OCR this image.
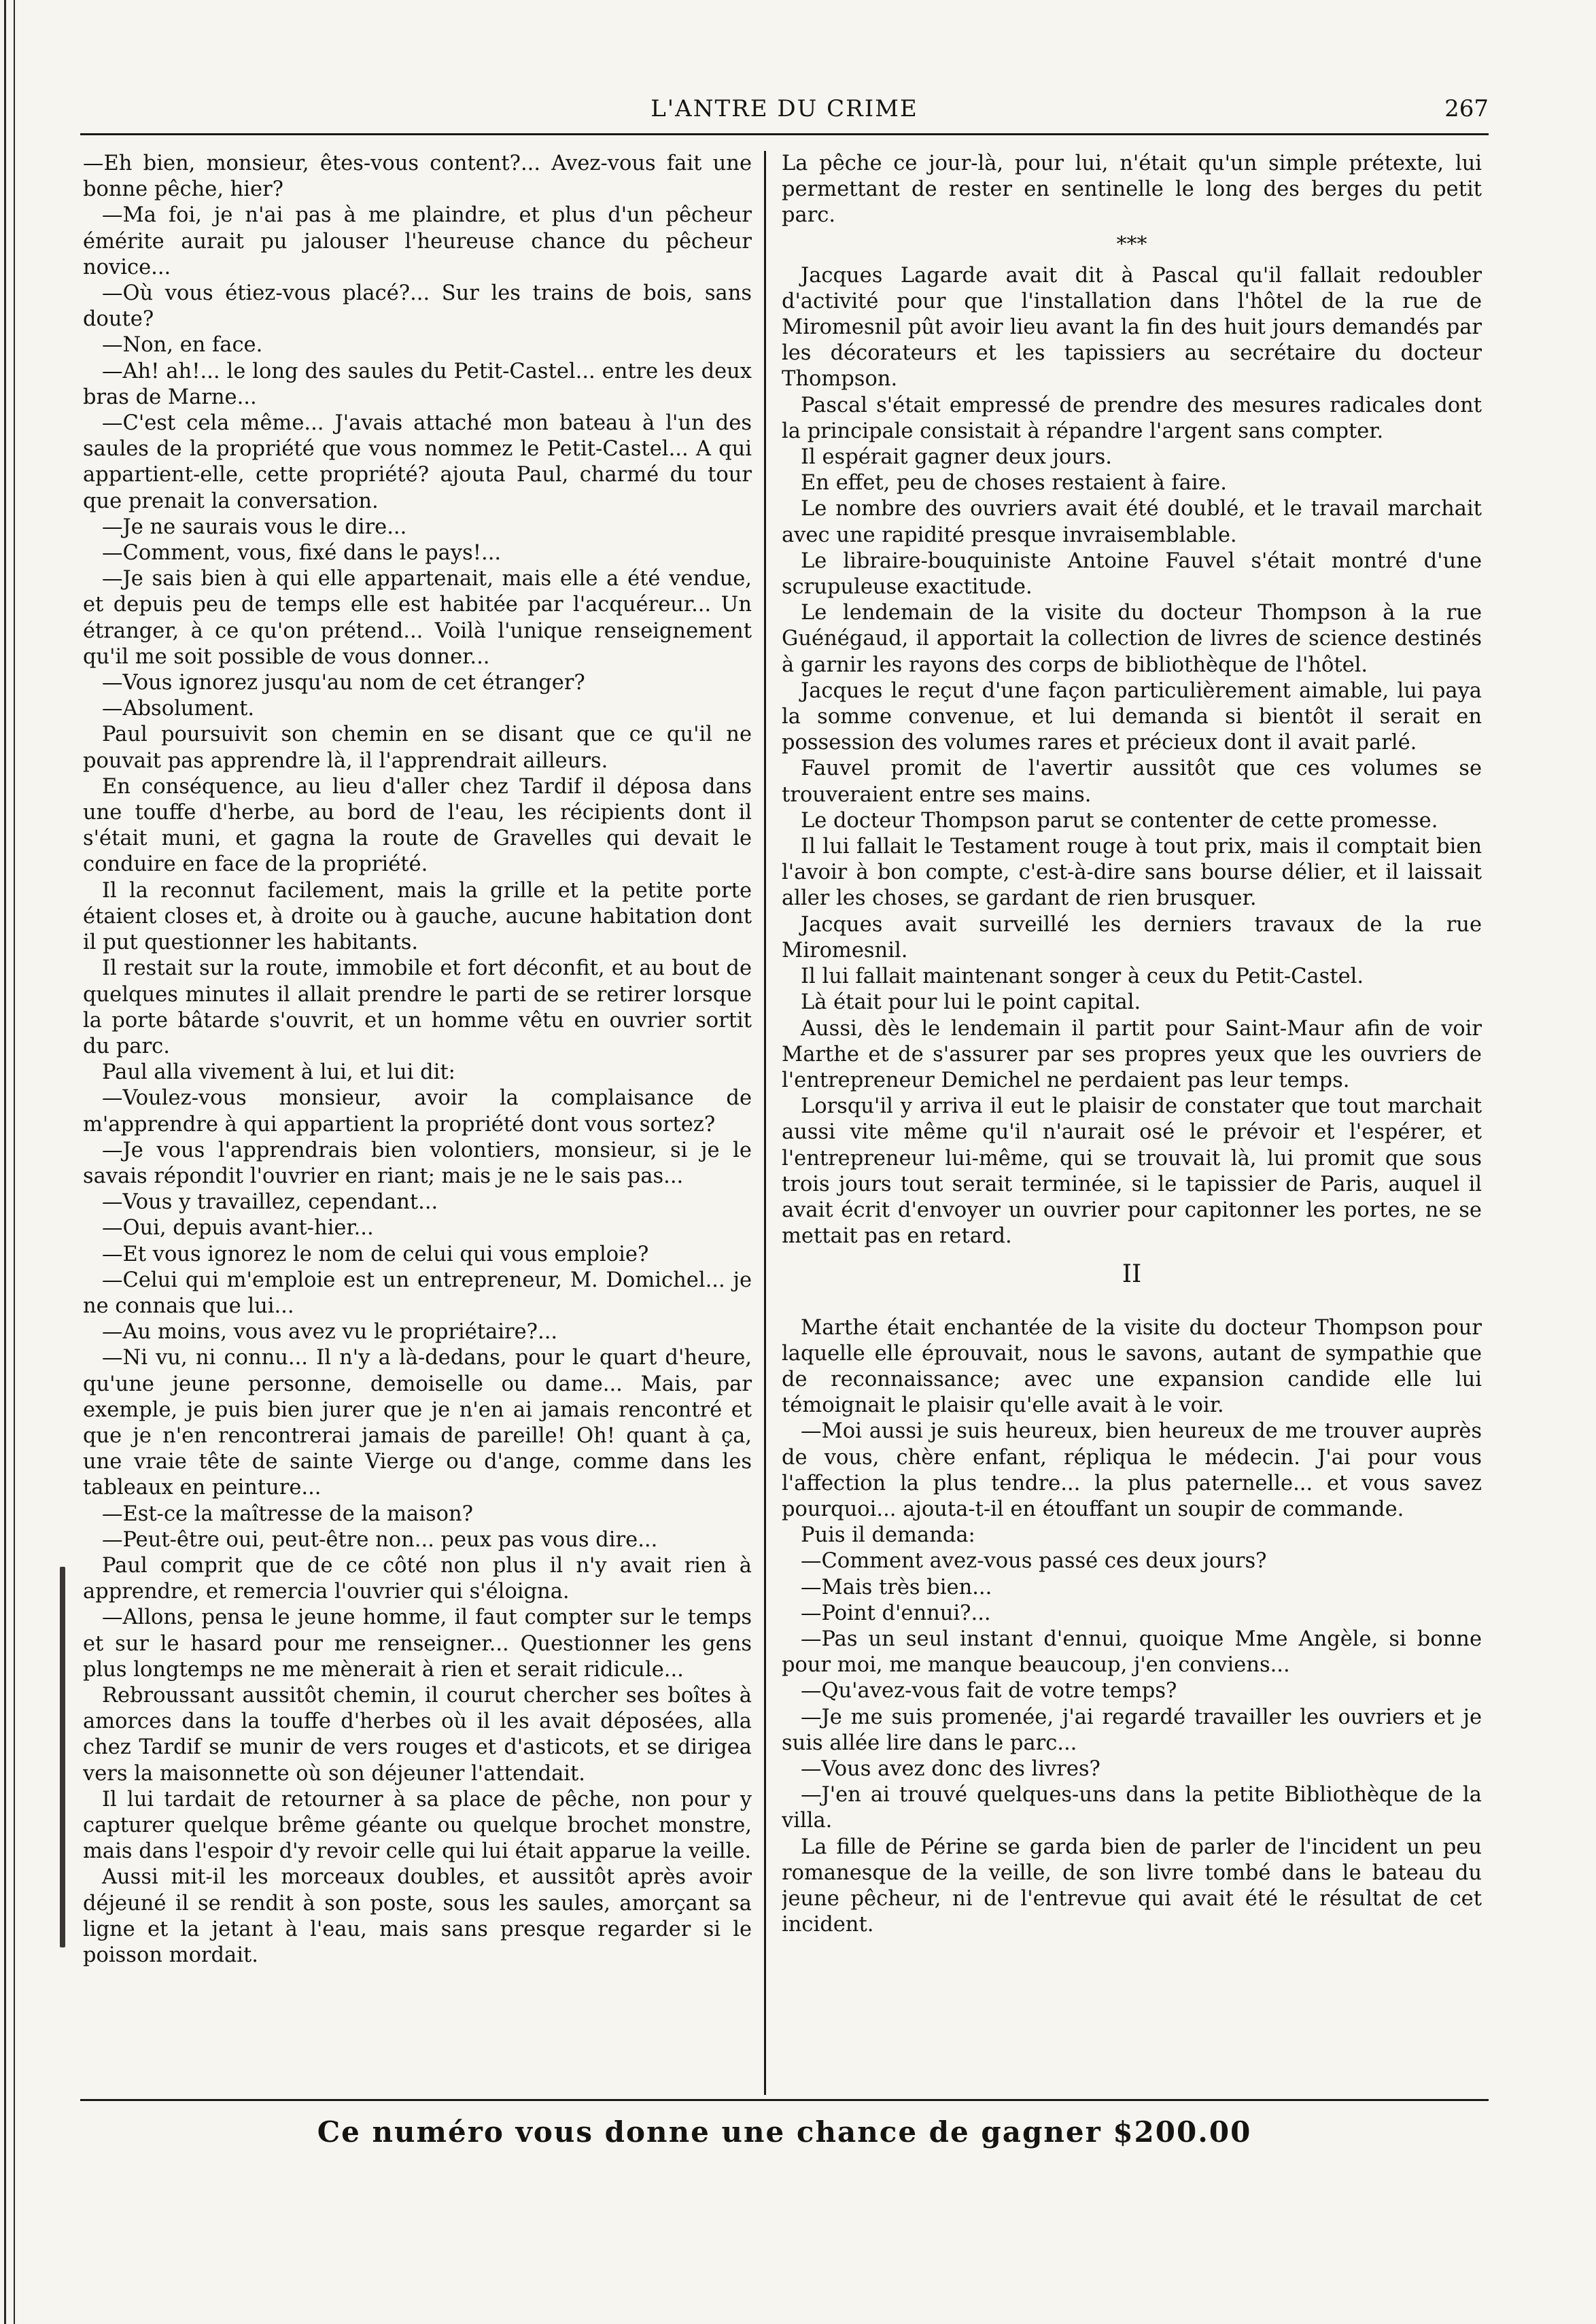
L'ANTRE DU CRIME	267

—Eh bien, monsieur, êtes-vous content?... Avez-vous fait une bonne pêche, hier?

—Ma foi, je n'ai pas à me plaindre, et plus d'un pêcheur émérite aurait pu jalouser l'heureuse chance du pêcheur novice...

—Où vous étiez-vous placé?... Sur les trains de bois, sans doute?

—Non, en face.

—Ah! ah!... le long des saules du Petit-Castel... entre les deux bras de Marne...

—C'est cela même... J'avais attaché mon bateau à l'un des saules de la propriété que vous nommez le Petit-Castel... A qui appartient-elle, cette propriété? ajouta Paul, charmé du tour que prenait la conversation.

—Je ne saurais vous le dire...

—Comment, vous, fixé dans le pays!...

—Je sais bien à qui elle appartenait, mais elle a été vendue, et depuis peu de temps elle est habitée par l'acquéreur... Un étranger, à ce qu'on prétend... Voilà l'unique renseignement qu'il me soit possible de vous donner...

—Vous ignorez jusqu'au nom de cet étranger?

—Absolument.

Paul poursuivit son chemin en se disant que ce qu'il ne pouvait pas apprendre là, il l'apprendrait ailleurs.

En conséquence, au lieu d'aller chez Tardif il déposa dans une touffe d'herbe, au bord de l'eau, les récipients dont il s'était muni, et gagna la route de Gravelles qui devait le conduire en face de la propriété.

Il la reconnut facilement, mais la grille et la petite porte étaient closes et, à droite ou à gauche, aucune habitation dont il put questionner les habitants.

Il restait sur la route, immobile et fort déconfit, et au bout de quelques minutes il allait prendre le parti de se retirer lorsque la porte bâtarde s'ouvrit, et un homme vêtu en ouvrier sortit du parc.

Paul alla vivement à lui, et lui dit:

—Voulez-vous monsieur, avoir la complaisance de m'apprendre à qui appartient la propriété dont vous sortez?

—Je vous l'apprendrais bien volontiers, monsieur, si je le savais répondit l'ouvrier en riant; mais je ne le sais pas...

—Vous y travaillez, cependant...

—Oui, depuis avant-hier...

—Et vous ignorez le nom de celui qui vous emploie?

—Celui qui m'emploie est un entrepreneur, M. Domichel... je ne connais que lui...

—Au moins, vous avez vu le propriétaire?...

—Ni vu, ni connu... Il n'y a là-dedans, pour le quart d'heure, qu'une jeune personne, demoiselle ou dame... Mais, par exemple, je puis bien jurer que je n'en ai jamais rencontré et que je n'en rencontrerai jamais de pareille! Oh! quant à ça, une vraie tête de sainte Vierge ou d'ange, comme dans les tableaux en peinture...

—Est-ce la maîtresse de la maison?

—Peut-être oui, peut-être non... peux pas vous dire...

Paul comprit que de ce côté non plus il n'y avait rien à apprendre, et remercia l'ouvrier qui s'éloigna.

—Allons, pensa le jeune homme, il faut compter sur le temps et sur le hasard pour me renseigner... Questionner les gens plus longtemps ne me mènerait à rien et serait ridicule...

Rebroussant aussitôt chemin, il courut chercher ses boîtes à amorces dans la touffe d'herbes où il les avait déposées, alla chez Tardif se munir de vers rouges et d'asticots, et se dirigea vers la maisonnette où son déjeuner l'attendait.

Il lui tardait de retourner à sa place de pêche, non pour y capturer quelque brême géante ou quelque brochet monstre, mais dans l'espoir d'y revoir celle qui lui était apparue la veille.

Aussi mit-il les morceaux doubles, et aussitôt après avoir déjeuné il se rendit à son poste, sous les saules, amorçant sa ligne et la jetant à l'eau, mais sans presque regarder si le poisson mordait.

La pêche ce jour-là, pour lui, n'était qu'un simple prétexte, lui permettant de rester en sentinelle le long des berges du petit parc.

***

Jacques Lagarde avait dit à Pascal qu'il fallait redoubler d'activité pour que l'installation dans l'hôtel de la rue de Miromesnil pût avoir lieu avant la fin des huit jours demandés par les décorateurs et les tapissiers au secrétaire du docteur Thompson.

Pascal s'était empressé de prendre des mesures radicales dont la principale consistait à répandre l'argent sans compter.

Il espérait gagner deux jours.

En effet, peu de choses restaient à faire.

Le nombre des ouvriers avait été doublé, et le travail marchait avec une rapidité presque invraisemblable.

Le libraire-bouquiniste Antoine Fauvel s'était montré d'une scrupuleuse exactitude.

Le lendemain de la visite du docteur Thompson à la rue Guénégaud, il apportait la collection de livres de science destinés à garnir les rayons des corps de bibliothèque de l'hôtel.

Jacques le reçut d'une façon particulièrement aimable, lui paya la somme convenue, et lui demanda si bientôt il serait en possession des volumes rares et précieux dont il avait parlé.

Fauvel promit de l'avertir aussitôt que ces volumes se trouveraient entre ses mains.

Le docteur Thompson parut se contenter de cette promesse.

Il lui fallait le Testament rouge à tout prix, mais il comptait bien l'avoir à bon compte, c'est-à-dire sans bourse délier, et il laissait aller les choses, se gardant de rien brusquer.

Jacques avait surveillé les derniers travaux de la rue Miromesnil.

Il lui fallait maintenant songer à ceux du Petit-Castel.

Là était pour lui le point capital.

Aussi, dès le lendemain il partit pour Saint-Maur afin de voir Marthe et de s'assurer par ses propres yeux que les ouvriers de l'entrepreneur Demichel ne perdaient pas leur temps.

Lorsqu'il y arriva il eut le plaisir de constater que tout marchait aussi vite même qu'il n'aurait osé le prévoir et l'espérer, et l'entrepreneur lui-même, qui se trouvait là, lui promit que sous trois jours tout serait terminée, si le tapissier de Paris, auquel il avait écrit d'envoyer un ouvrier pour capitonner les portes, ne se mettait pas en retard.

II

Marthe était enchantée de la visite du docteur Thompson pour laquelle elle éprouvait, nous le savons, autant de sympathie que de reconnaissance; avec une expansion candide elle lui témoignait le plaisir qu'elle avait à le voir.

—Moi aussi je suis heureux, bien heureux de me trouver auprès de vous, chère enfant, répliqua le médecin. J'ai pour vous l'affection la plus tendre... la plus paternelle... et vous savez pourquoi... ajouta-t-il en étouffant un soupir de commande.

Puis il demanda:

—Comment avez-vous passé ces deux jours?

—Mais très bien...

—Point d'ennui?...

—Pas un seul instant d'ennui, quoique Mme Angèle, si bonne pour moi, me manque beaucoup, j'en conviens...

—Qu'avez-vous fait de votre temps?

—Je me suis promenée, j'ai regardé travailler les ouvriers et je suis allée lire dans le parc...

—Vous avez donc des livres?

—J'en ai trouvé quelques-uns dans la petite Bibliothèque de la villa.

La fille de Périne se garda bien de parler de l'incident un peu romanesque de la veille, de son livre tombé dans le bateau du jeune pêcheur, ni de l'entrevue qui avait été le résultat de cet incident.

Ce numéro vous donne une chance de gagner $200.00
